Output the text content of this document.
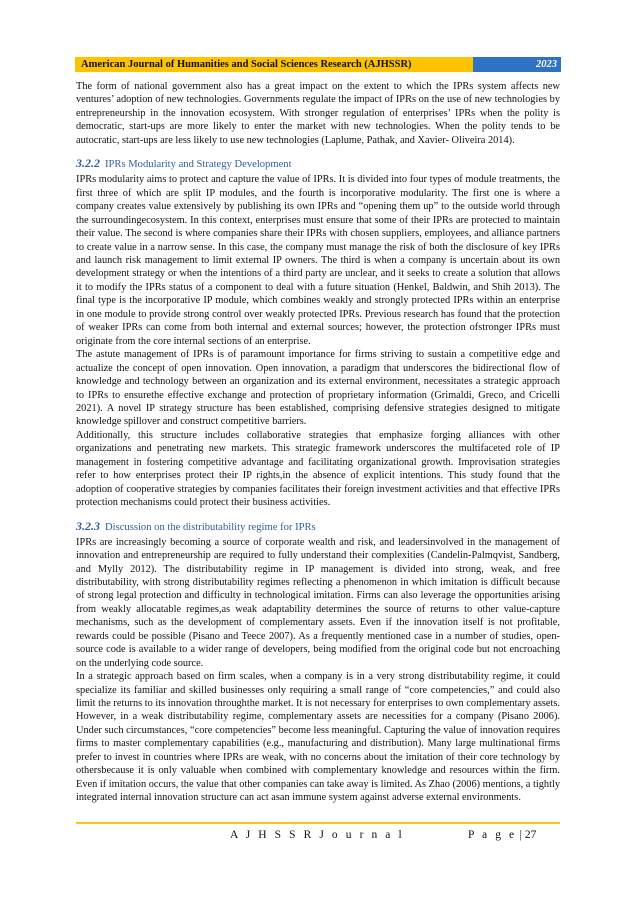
American Journal of Humanities and Social Sciences Research (AJHSSR)	2023

The form of national government also has a great impact on the extent to which the IPRs system affects new ventures’ adoption of new technologies. Governments regulate the impact of IPRs on the use of new technologies by entrepreneurship in the innovation ecosystem. With stronger regulation of enterprises’ IPRs when the polity is democratic, start-ups are more likely to enter the market with new technologies. When the polity tends to be autocratic, start-ups are less likely to use new technologies (Laplume, Pathak, and Xavier- Oliveira 2014).

3.2.2 IPRs Modularity and Strategy Development

IPRs modularity aims to protect and capture the value of IPRs. It is divided into four types of module treatments, the first three of which are split IP modules, and the fourth is incorporative modularity. The first one is where a company creates value extensively by publishing its own IPRs and “opening them up” to the outside world through the surroundingecosystem. In this context, enterprises must ensure that some of their IPRs are protected to maintain their value. The second is where companies share their IPRs with chosen suppliers, employees, and alliance partners to create value in a narrow sense. In this case, the company must manage the risk of both the disclosure of key IPRs and launch risk management to limit external IP owners. The third is when a company is uncertain about its own development strategy or when the intentions of a third party are unclear, and it seeks to create a solution that allows it to modify the IPRs status of a component to deal with a future situation (Henkel, Baldwin, and Shih 2013). The final type is the incorporative IP module, which combines weakly and strongly protected IPRs within an enterprise in one module to provide strong control over weakly protected IPRs. Previous research has found that the protection of weaker IPRs can come from both internal and external sources; however, the protection ofstronger IPRs must originate from the core internal sections of an enterprise.

The astute management of IPRs is of paramount importance for firms striving to sustain a competitive edge and actualize the concept of open innovation. Open innovation, a paradigm that underscores the bidirectional flow of knowledge and technology between an organization and its external environment, necessitates a strategic approach to IPRs to ensurethe effective exchange and protection of proprietary information (Grimaldi, Greco, and Cricelli 2021). A novel IP strategy structure has been established, comprising defensive strategies designed to mitigate knowledge spillover and construct competitive barriers.

Additionally, this structure includes collaborative strategies that emphasize forging alliances with other organizations and penetrating new markets. This strategic framework underscores the multifaceted role of IP management in fostering competitive advantage and facilitating organizational growth. Improvisation strategies refer to how enterprises protect their IP rights,in the absence of explicit intentions. This study found that the adoption of cooperative strategies by companies facilitates their foreign investment activities and that effective IPRs protection mechanisms could protect their business activities.

3.2.3 Discussion on the distributability regime for IPRs

IPRs are increasingly becoming a source of corporate wealth and risk, and leadersinvolved in the management of innovation and entrepreneurship are required to fully understand their complexities (Candelin-Palmqvist, Sandberg, and Mylly 2012). The distributability regime in IP management is divided into strong, weak, and free distributability, with strong distributability regimes reflecting a phenomenon in which imitation is difficult because of strong legal protection and difficulty in technological imitation. Firms can also leverage the opportunities arising from weakly allocatable regimes,as weak adaptability determines the source of returns to other value-capture mechanisms, such as the development of complementary assets. Even if the innovation itself is not profitable, rewards could be possible (Pisano and Teece 2007). As a frequently mentioned case in a number of studies, open-source code is available to a wider range of developers, being modified from the original code but not encroaching on the underlying code source.

In a strategic approach based on firm scales, when a company is in a very strong distributability regime, it could specialize its familiar and skilled businesses only requiring a small range of “core competencies,” and could also limit the returns to its innovation throughthe market. It is not necessary for enterprises to own complementary assets. However, in a weak distributability regime, complementary assets are necessities for a company (Pisano 2006). Under such circumstances, “core competencies” become less meaningful. Capturing the value of innovation requires firms to master complementary capabilities (e.g., manufacturing and distribution). Many large multinational firms prefer to invest in countries where IPRs are weak, with no concerns about the imitation of their core technology by othersbecause it is only valuable when combined with complementary knowledge and resources within the firm. Even if imitation occurs, the value that other companies can take away is limited. As Zhao (2006) mentions, a tightly integrated internal innovation structure can act asan immune system against adverse external environments.

A J H S S R J o u r n a l	P a g e | 27
